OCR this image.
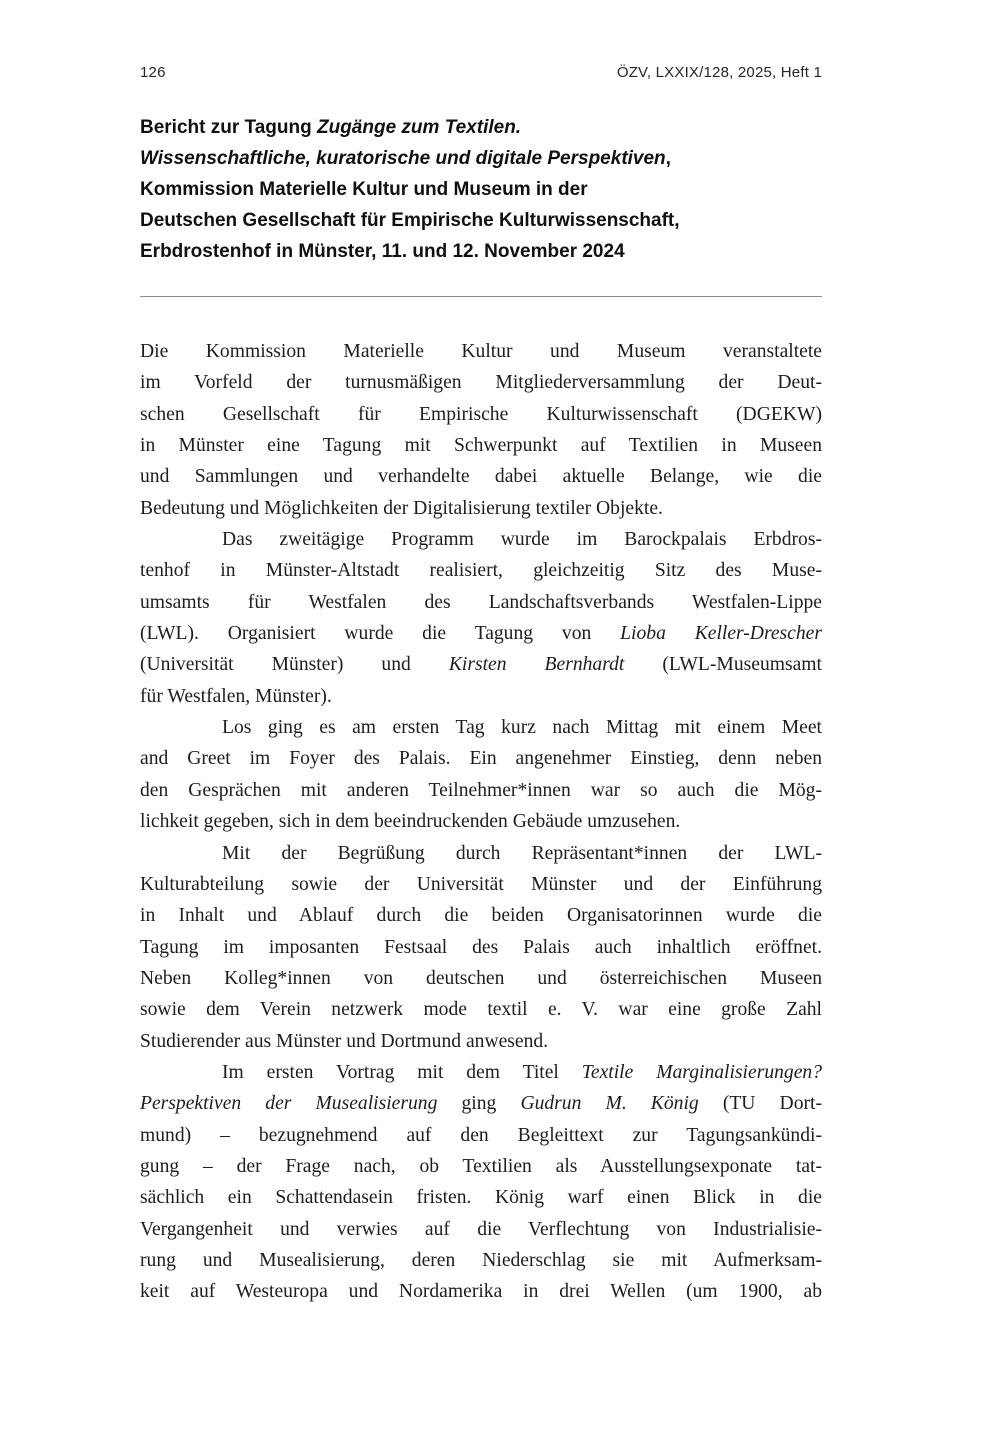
126	ÖZV, LXXIX/128, 2025, Heft 1
Bericht zur Tagung Zugänge zum Textilen.
Wissenschaftliche, kuratorische und digitale Perspektiven,
Kommission Materielle Kultur und Museum in der
Deutschen Gesellschaft für Empirische Kulturwissenschaft,
Erbdrostenhof in Münster, 11. und 12. November 2024
Die Kommission Materielle Kultur und Museum veranstaltete
im Vorfeld der turnusmäßigen Mitgliederversammlung der Deut-
schen Gesellschaft für Empirische Kulturwissenschaft (DGEKW)
in Münster eine Tagung mit Schwerpunkt auf Textilien in Museen
und Sammlungen und verhandelte dabei aktuelle Belange, wie die
Bedeutung und Möglichkeiten der Digitalisierung textiler Objekte.
Das zweitägige Programm wurde im Barockpalais Erbdros-
tenhof in Münster-Altstadt realisiert, gleichzeitig Sitz des Muse-
umsamts für Westfalen des Landschaftsverbands Westfalen-Lippe
(LWL). Organisiert wurde die Tagung von Lioba Keller-Drescher
(Universität Münster) und Kirsten Bernhardt (LWL-Museumsamt
für Westfalen, Münster).
Los ging es am ersten Tag kurz nach Mittag mit einem Meet
and Greet im Foyer des Palais. Ein angenehmer Einstieg, denn neben
den Gesprächen mit anderen Teilnehmer*innen war so auch die Mög-
lichkeit gegeben, sich in dem beeindruckenden Gebäude umzusehen.
Mit der Begrüßung durch Repräsentant*innen der LWL-
Kulturabteilung sowie der Universität Münster und der Einführung
in Inhalt und Ablauf durch die beiden Organisatorinnen wurde die
Tagung im imposanten Festsaal des Palais auch inhaltlich eröffnet.
Neben Kolleg*innen von deutschen und österreichischen Museen
sowie dem Verein netzwerk mode textil e. V. war eine große Zahl
Studierender aus Münster und Dortmund anwesend.
Im ersten Vortrag mit dem Titel Textile Marginalisierungen?
Perspektiven der Musealisierung ging Gudrun M. König (TU Dort-
mund) – bezugnehmend auf den Begleittext zur Tagungsankündi-
gung – der Frage nach, ob Textilien als Ausstellungsexponate tat-
sächlich ein Schattendasein fristen. König warf einen Blick in die
Vergangenheit und verwies auf die Verflechtung von Industrialisie-
rung und Musealisierung, deren Niederschlag sie mit Aufmerksam-
keit auf Westeuropa und Nordamerika in drei Wellen (um 1900, ab
